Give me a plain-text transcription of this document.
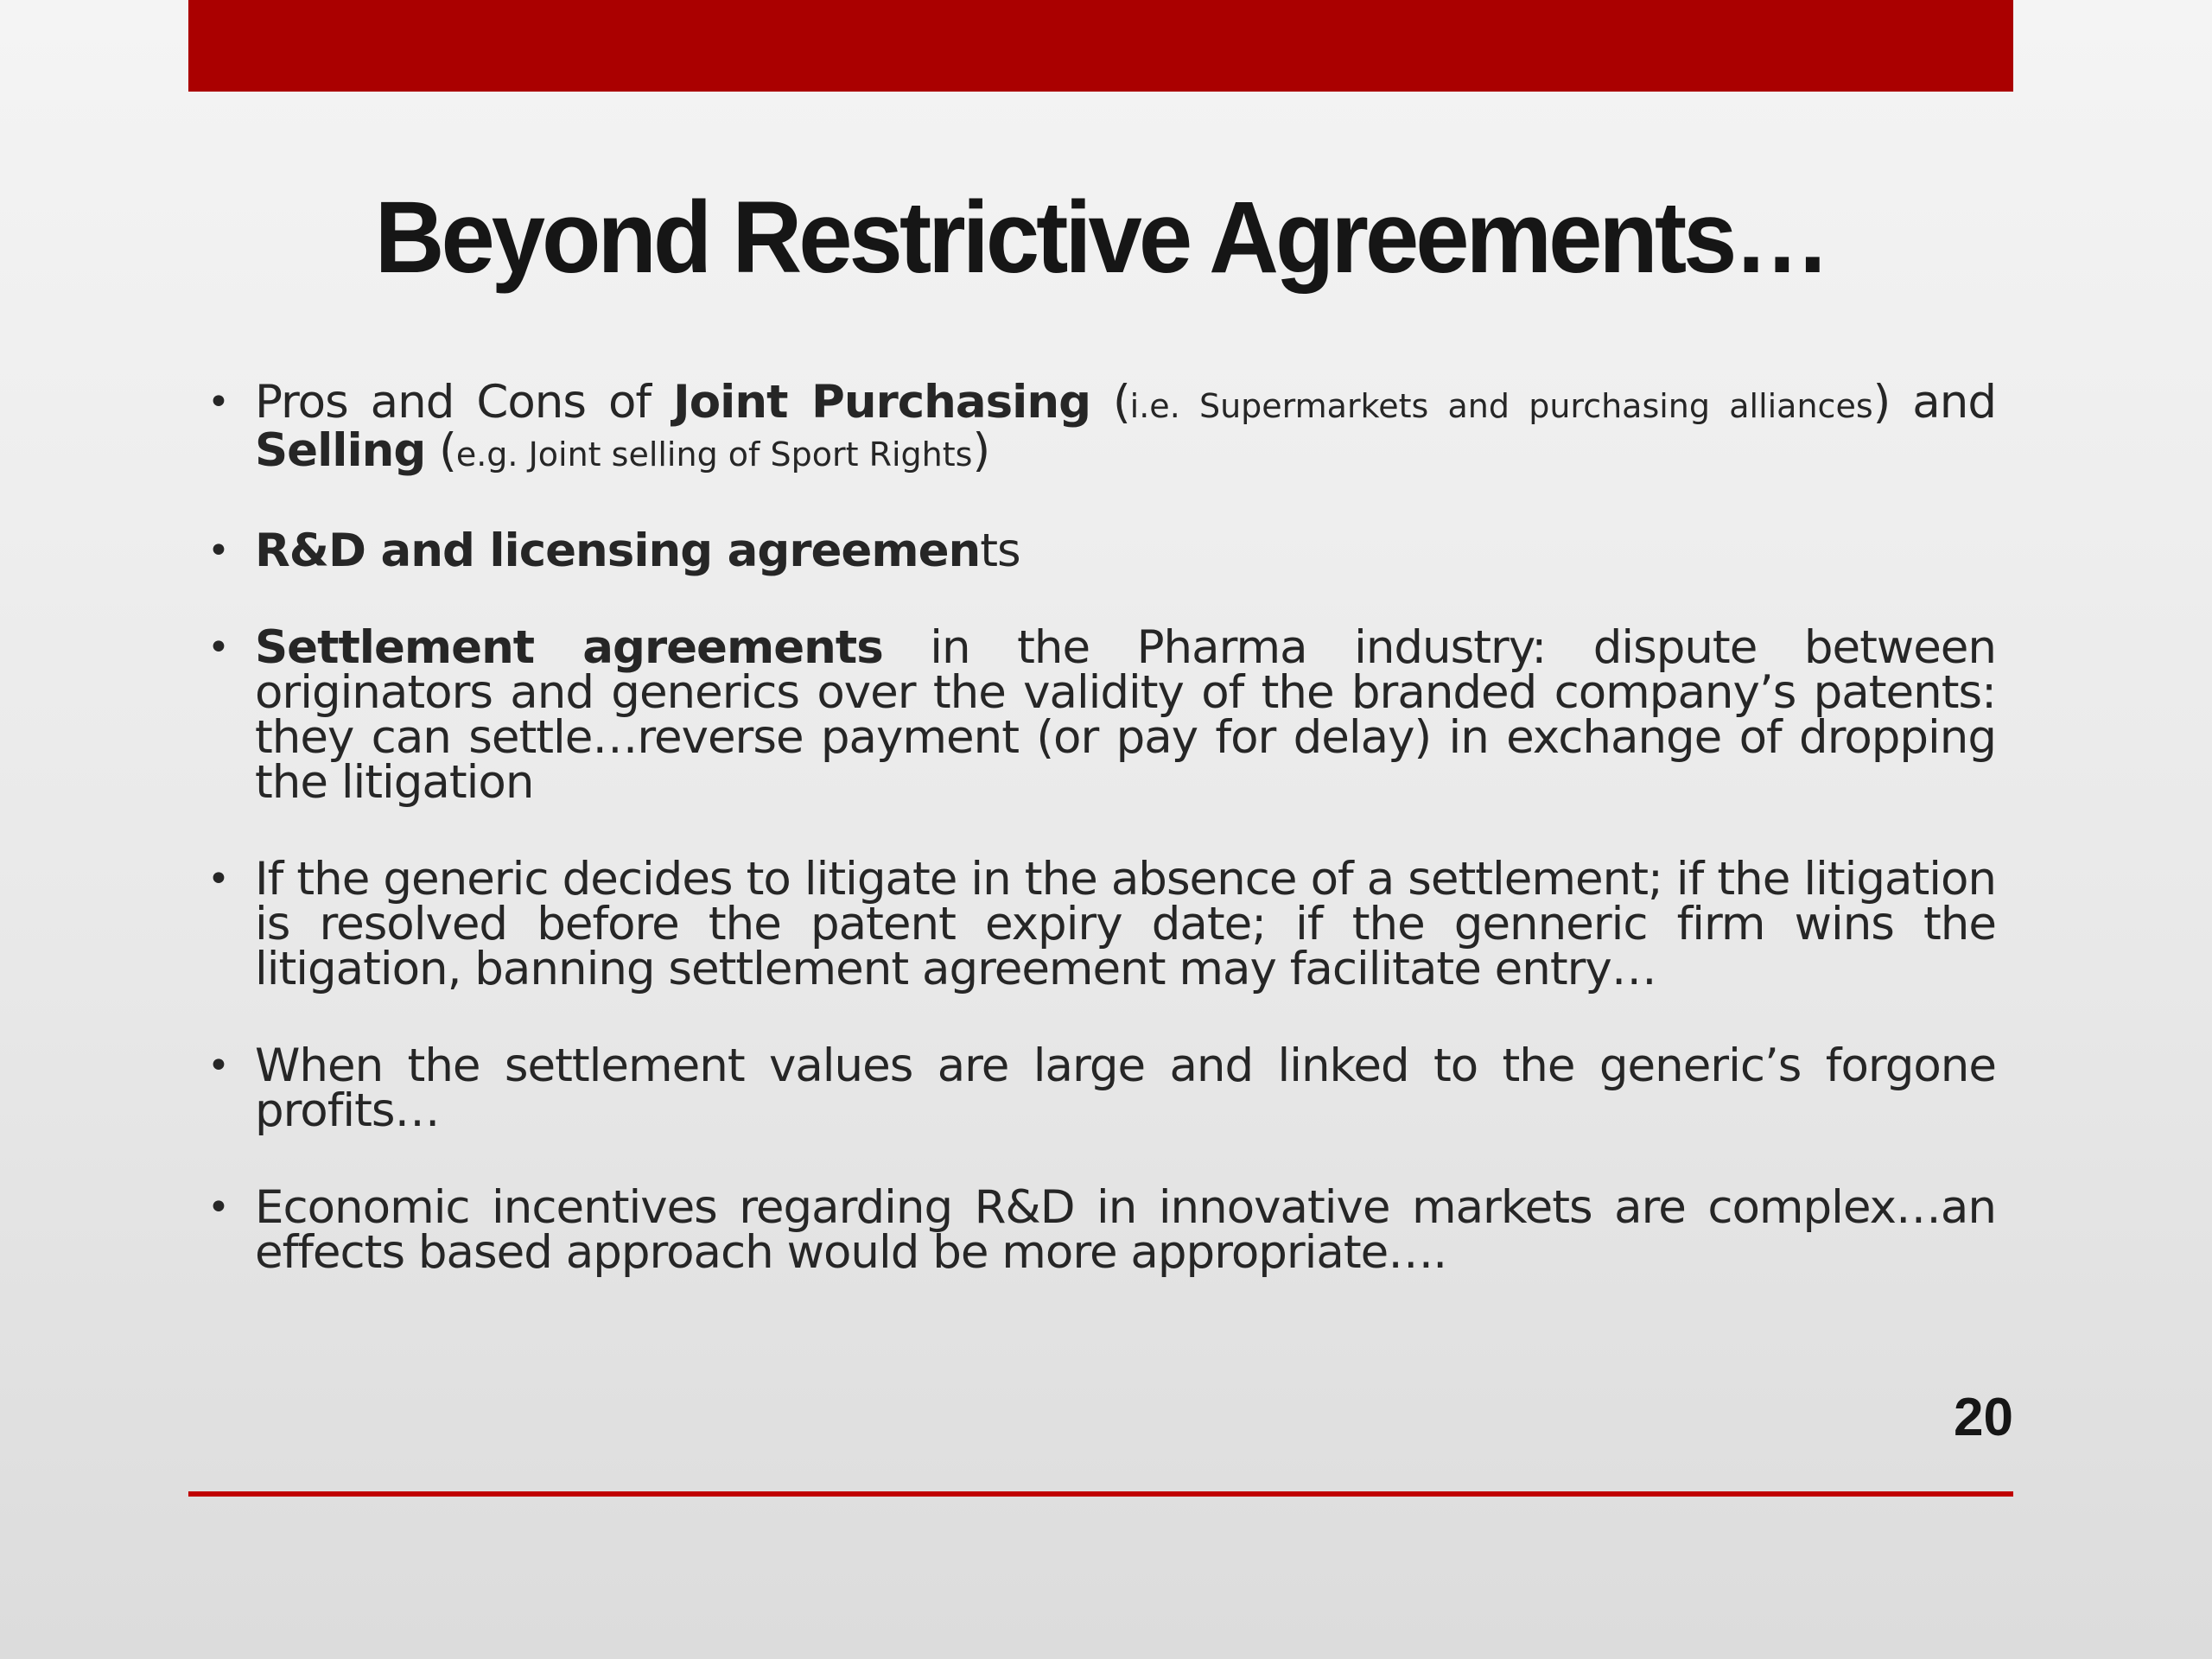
Beyond Restrictive Agreements…

• Pros and Cons of Joint Purchasing (i.e. Supermarkets and purchasing alliances) and Selling (e.g. Joint selling of Sport Rights)

• R&D and licensing agreements

• Settlement agreements in the Pharma industry: dispute between originators and generics over the validity of the branded company’s patents: they can settle…reverse payment (or pay for delay) in exchange of dropping the litigation

• If the generic decides to litigate in the absence of a settlement; if the litigation is resolved before the patent expiry date; if the genneric firm wins the litigation, banning settlement agreement may facilitate entry…

• When the settlement values are large and linked to the generic’s forgone profits…

• Economic incentives regarding R&D in innovative markets are complex…an effects based approach would be more appropriate….

20
